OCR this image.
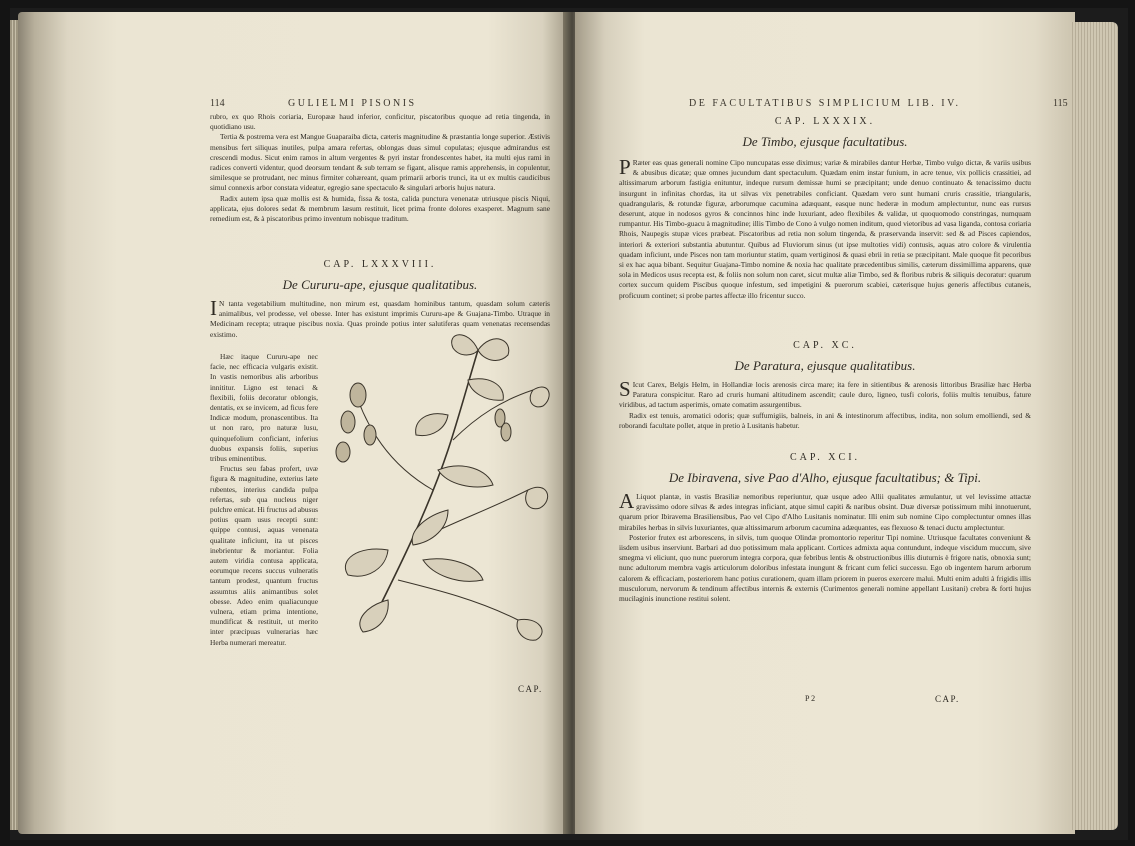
114	GULIELMI PISONIS

rubro, ex quo Rhois coriaria, Europææ haud inferior, conficitur, piscatoribus quoque ad retia tingenda, in quotidiano usu.

Tertia & postrema vera est Mangue Guaparaiba dicta, cæteris magnitudine & præstantia longe superior. Æstivis mensibus fert siliquas inutiles, pulpa amara refertas, oblongas duas simul copulatas; ejusque admirandus est crescendi modus. Sicut enim ramos in altum vergentes & pyri instar frondescentes habet, ita multi ejus rami in radices converti videntur, quod deorsum tendant & sub terram se figant, alisque ramis apprehensis, in copulentur, similesque se protrudant, nec minus firmiter cohæreant, quam primarii arboris trunci, ita ut ex multis caudicibus simul connexis arbor constata videatur, egregio sane spectaculo & singulari arboris hujus natura.

Radix autem ipsa quæ mollis est & humida, fissa & tosta, calida punctura venenatæ utriusque piscis Niqui, applicata, ejus dolores sedat & membrum læsum restituit, licet prima fronte dolores exasperet. Magnum sane remedium est, & à piscatoribus primo inventum nobisque traditum.

CAP. LXXXVIII.
De Cururu-ape, ejusque qualitatibus.
I N tanta vegetabilium multitudine, non mirum est, quasdam hominibus tantum, quasdam solum cæteris animalibus, vel prodesse, vel obesse. Inter has existunt imprimis Cururu-ape & Guajana-Timbo. Utraque in Medicinam recepta; utraque piscibus noxia. Quas proinde potius inter salutiferas quam venenatas recensendas existimo.

Hæc itaque Cururu-ape nec facie, nec efficacia vulgaris existit. In vastis nemoribus alis arboribus innititur. Ligno est tenaci & flexibili, foliis decoratur oblongis, dentatis, ex se invicem, ad ficus fere Indicæ modum, pronascentibus. Ita ut non raro, pro naturæ lusu, quinquefolium conficiant, inferius duobus expansis foliis, superius tribus eminentibus.

Fructus seu fabas profert, uvæ figura & magnitudine, exterius læte rubentes, interius candida pulpa refertas, sub qua nucleus niger pulchre emicat. Hi fructus ad abusus potius quam usus recepti sunt: quippe contusi, aquas venenata qualitate inficiunt, ita ut pisces inebrientur & moriantur. Folia autem viridia contusa applicata, eorumque recens succus vulneratis tantum prodest, quantum fructus assumtus aliis animantibus solet obesse. Adeo enim qualiacunque vulnera, etiam prima intentione, mundificat & restituit, ut merito inter præcipuas vulnerarias hæc Herba numerari mereatur.

CAP.
DE FACULTATIBUS SIMPLICIUM LIB. IV.	115
CAP. LXXXIX.
De Timbo, ejusque facultatibus.
P Ræter eas quas generali nomine Cipo nuncupatas esse diximus; variæ & mirabiles dantur Herbæ, Timbo vulgo dictæ, & variis usibus & abusibus dicatæ; quæ omnes jucundum dant spectaculum. Quædam enim instar funium, in acre tenue, vix pollicis crassitiei, ad altissimarum arborum fastigia enituntur, indeque rursum demissæ humi se præcipitant; unde denuo continuato & tenacissimo ductu insurgunt in infinitas chordas, ita ut silvas vix penetrabiles conficiant. Quædam vero sunt humani cruris crassitie, triangularis, quadrangularis, & rotundæ figuræ, arborumque cacumina adæquant, easque nunc hederæ in modum amplectuntur, nunc eas rursus deserunt, atque in nodosos gyros & concinnos hinc inde luxuriant, adeo flexibiles & validæ, ut quoquomodo constringas, numquam rumpantur. His Timbo-guacu à magnitudine; illis Timbo de Cono à vulgo nomen inditum, quod vietoribus ad vasa liganda, contosa coriaria Rhois, Naupegis stupæ vices præbeat. Piscatoribus ad retia non solum tingenda, & præservanda inservit: sed & ad Pisces capiendos, interiori & exteriori substantia abutuntur. Quibus ad Fluviorum sinus (ut ipse multoties vidi) contusis, aquas atro colore & virulentia quadam inficiunt, unde Pisces non tam moriuntur statim, quam vertiginosi & quasi ebrii in retia se præcipitant. Male quoque fit pecoribus si ex hac aqua bibant. Sequitur Guajana-Timbo nomine & noxia hac qualitate præcedentibus similis, cæterum dissimillima apparens, quæ sola in Medicos usus recepta est, & foliis non solum non caret, sicut multæ aliæ Timbo, sed & floribus rubris & siliquis decoratur: quarum cortex succum quidem Piscibus quoque infestum, sed impetigini & puerorum scabiei, cæterisque hujus generis affectibus cutaneis, proficuum continet; si probe partes affectæ illo fricentur succo.
CAP. XC.
De Paratura, ejusque qualitatibus.
S Icut Carex, Belgis Helm, in Hollandiæ locis arenosis circa mare; ita fere in sitientibus & arenosis littoribus Brasiliæ hæc Herba Paratura conspicitur. Raro ad cruris humani altitudinem ascendit; caule duro, ligneo, tusfi coloris, foliis multis tenuibus, fature viridibus, ad tactum asperimis, ornate comatim assurgentibus.

Radix est tenuis, aromatici odoris; quæ suffumigiis, balneis, in ani & intestinorum affectibus, indita, non solum emolliendi, sed & roborandi facultate pollet, atque in pretio à Lusitanis habetur.

CAP. XCI.
De Ibiravena, sive Pao d'Alho, ejusque facultatibus; & Tipi.
A Liquot plantæ, in vastis Brasiliæ nemoribus reperiuntur, quæ usque adeo Allii qualitates æmulantur, ut vel levissime attactæ gravissimo odore silvas & ædes integras inficiant, atque simul capiti & naribus obsint. Duæ diversæ potissimum mihi innotuerunt, quarum prior Ibiravema Brasiliensibus, Pao vel Cipo d'Alho Lusitanis nominatur. Illi enim sub nomine Cipo complectuntur omnes illas mirabiles herbas in silvis luxuriantes, quæ altissimarum arborum cacumina adæquantes, eas flexuoso & tenaci ductu amplectuntur.

Posterior frutex est arborescens, in silvis, tum quoque Olindæ promontorio reperitur Tipi nomine. Utriusque facultates conveniunt & iisdem usibus inserviunt. Barbari ad duo potissimum mala applicant. Cortices admixta aqua contundunt, indeque viscidum muccum, sive smegma vi eliciunt, quo nunc puerorum integra corpora, quæ febribus lentis & obstructionibus illis diuturnis è frigore natis, obnoxia sunt; nunc adultorum membra vagis articulorum doloribus infestata inungunt & fricant cum felici successu. Ego ob ingentem harum arborum calorem & efficaciam, posteriorem hanc potius curationem, quam illam priorem in pueros exercere malui. Multi enim adulti à frigidis illis musculorum, nervorum & tendinum affectibus internis & externis (Curimentos generali nomine appellant Lusitani) crebra & forti hujus mucilaginis inunctione restitui solent.

P 2	CAP.
